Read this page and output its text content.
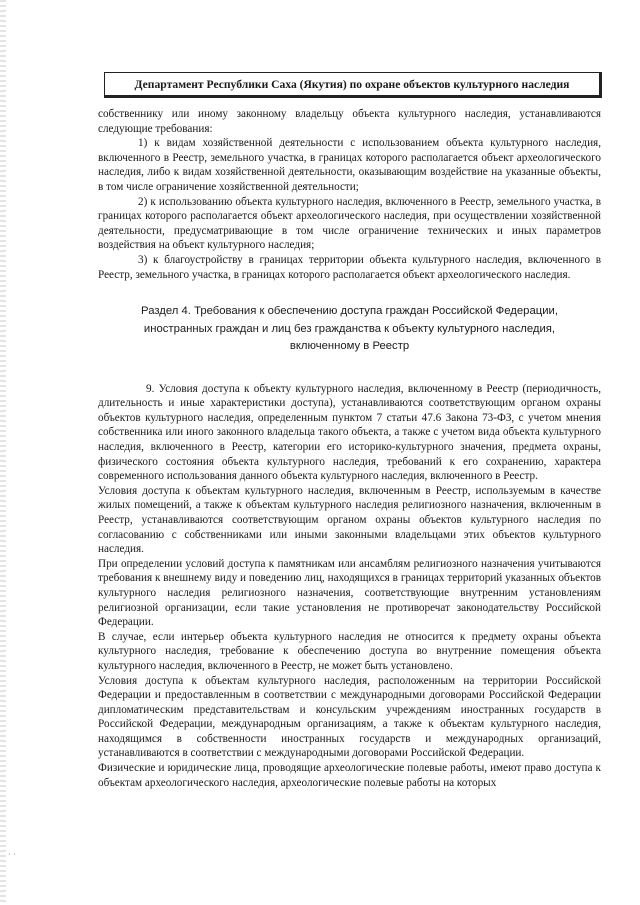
Департамент Республики Саха (Якутия) по охране объектов культурного наследия

собственнику или иному законному владельцу объекта культурного наследия, устанавливаются следующие требования:

1) к видам хозяйственной деятельности с использованием объекта культурного наследия, включенного в Реестр, земельного участка, в границах которого располагается объект археологического наследия, либо к видам хозяйственной деятельности, оказывающим воздействие на указанные объекты, в том числе ограничение хозяйственной деятельности;

2) к использованию объекта культурного наследия, включенного в Реестр, земельного участка, в границах которого располагается объект археологического наследия, при осуществлении хозяйственной деятельности, предусматривающие в том числе ограничение технических и иных параметров воздействия на объект культурного наследия;

3) к благоустройству в границах территории объекта культурного наследия, включенного в Реестр, земельного участка, в границах которого располагается объект археологического наследия.

Раздел 4. Требования к обеспечению доступа граждан Российской Федерации,

иностранных граждан и лиц без гражданства к объекту культурного наследия,

включенному в Реестр

9. Условия доступа к объекту культурного наследия, включенному в Реестр (периодичность, длительность и иные характеристики доступа), устанавливаются соответствующим органом охраны объектов культурного наследия, определенным пунктом 7 статьи 47.6 Закона 73-ФЗ, с учетом мнения собственника или иного законного владельца такого объекта, а также с учетом вида объекта культурного наследия, включенного в Реестр, категории его историко-культурного значения, предмета охраны, физического состояния объекта культурного наследия, требований к его сохранению, характера современного использования данного объекта культурного наследия, включенного в Реестр.

Условия доступа к объектам культурного наследия, включенным в Реестр, используемым в качестве жилых помещений, а также к объектам культурного наследия религиозного назначения, включенным в Реестр, устанавливаются соответствующим органом охраны объектов культурного наследия по согласованию с собственниками или иными законными владельцами этих объектов культурного наследия.

При определении условий доступа к памятникам или ансамблям религиозного назначения учитываются требования к внешнему виду и поведению лиц, находящихся в границах территорий указанных объектов культурного наследия религиозного назначения, соответствующие внутренним установлениям религиозной организации, если такие установления не противоречат законодательству Российской Федерации.

В случае, если интерьер объекта культурного наследия не относится к предмету охраны объекта культурного наследия, требование к обеспечению доступа во внутренние помещения объекта культурного наследия, включенного в Реестр, не может быть установлено.

Условия доступа к объектам культурного наследия, расположенным на территории Российской Федерации и предоставленным в соответствии с международными договорами Российской Федерации дипломатическим представительствам и консульским учреждениям иностранных государств в Российской Федерации, международным организациям, а также к объектам культурного наследия, находящимся в собственности иностранных государств и международных организаций, устанавливаются в соответствии с международными договорами Российской Федерации.

Физические и юридические лица, проводящие археологические полевые работы, имеют право доступа к объектам археологического наследия, археологические полевые работы на которых

· ·
